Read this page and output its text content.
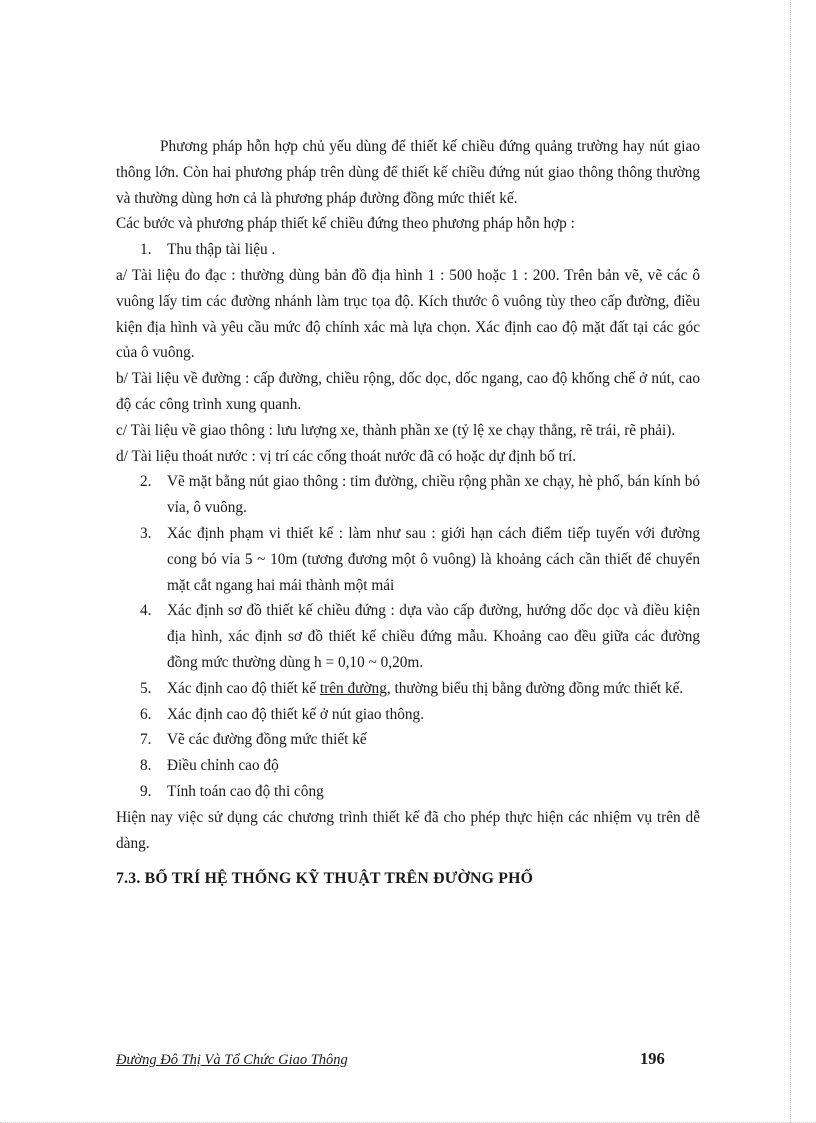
Phương pháp hỗn hợp chủ yếu dùng để thiết kế chiều đứng quảng trường hay nút giao thông lớn. Còn hai phương pháp trên dùng để thiết kế chiều đứng nút giao thông thông thường và thường dùng hơn cả là phương pháp đường đồng mức thiết kế.

Các bước và phương pháp thiết kế chiều đứng theo phương pháp hỗn hợp :

1. Thu thập tài liệu .

a/ Tài liệu đo đạc : thường dùng bản đồ địa hình 1 : 500 hoặc 1 : 200. Trên bản vẽ, vẽ các ô vuông lấy tim các đường nhánh làm trục tọa độ. Kích thước ô vuông tùy theo cấp đường, điều kiện địa hình và yêu cầu mức độ chính xác mà lựa chọn. Xác định cao độ mặt đất tại các góc của ô vuông.

b/ Tài liệu về đường : cấp đường, chiều rộng, dốc dọc, dốc ngang, cao độ khống chế ở nút, cao độ các công trình xung quanh.

c/ Tài liệu về giao thông : lưu lượng xe, thành phần xe (tỷ lệ xe chạy thẳng, rẽ trái, rẽ phải).

d/ Tài liệu thoát nước : vị trí các cống thoát nước đã có hoặc dự định bố trí.

2. Vẽ mặt bằng nút giao thông : tim đường, chiều rộng phần xe chạy, hè phố, bán kính bó vỉa, ô vuông.
3. Xác định phạm vi thiết kế : làm như sau : giới hạn cách điểm tiếp tuyến với đường cong bó vỉa 5 ~ 10m (tương đương một ô vuông) là khoảng cách cần thiết để chuyển mặt cắt ngang hai mái thành một mái
4. Xác định sơ đồ thiết kế chiều đứng : dựa vào cấp đường, hướng dốc dọc và điều kiện địa hình, xác định sơ đồ thiết kế chiều đứng mẫu. Khoảng cao đều giữa các đường đồng mức thường dùng h = 0,10 ~ 0,20m.
5. Xác định cao độ thiết kế trên đường, thường biểu thị bằng đường đồng mức thiết kế.
6. Xác định cao độ thiết kế ở nút giao thông.
7. Vẽ các đường đồng mức thiết kế
8. Điều chỉnh cao độ
9. Tính toán cao độ thi công

Hiện nay việc sử dụng các chương trình thiết kế đã cho phép thực hiện các nhiệm vụ trên dễ dàng.

7.3. BỐ TRÍ HỆ THỐNG KỸ THUẬT TRÊN ĐƯỜNG PHỐ

Đường Đô Thị Và Tổ Chức Giao Thông	196
